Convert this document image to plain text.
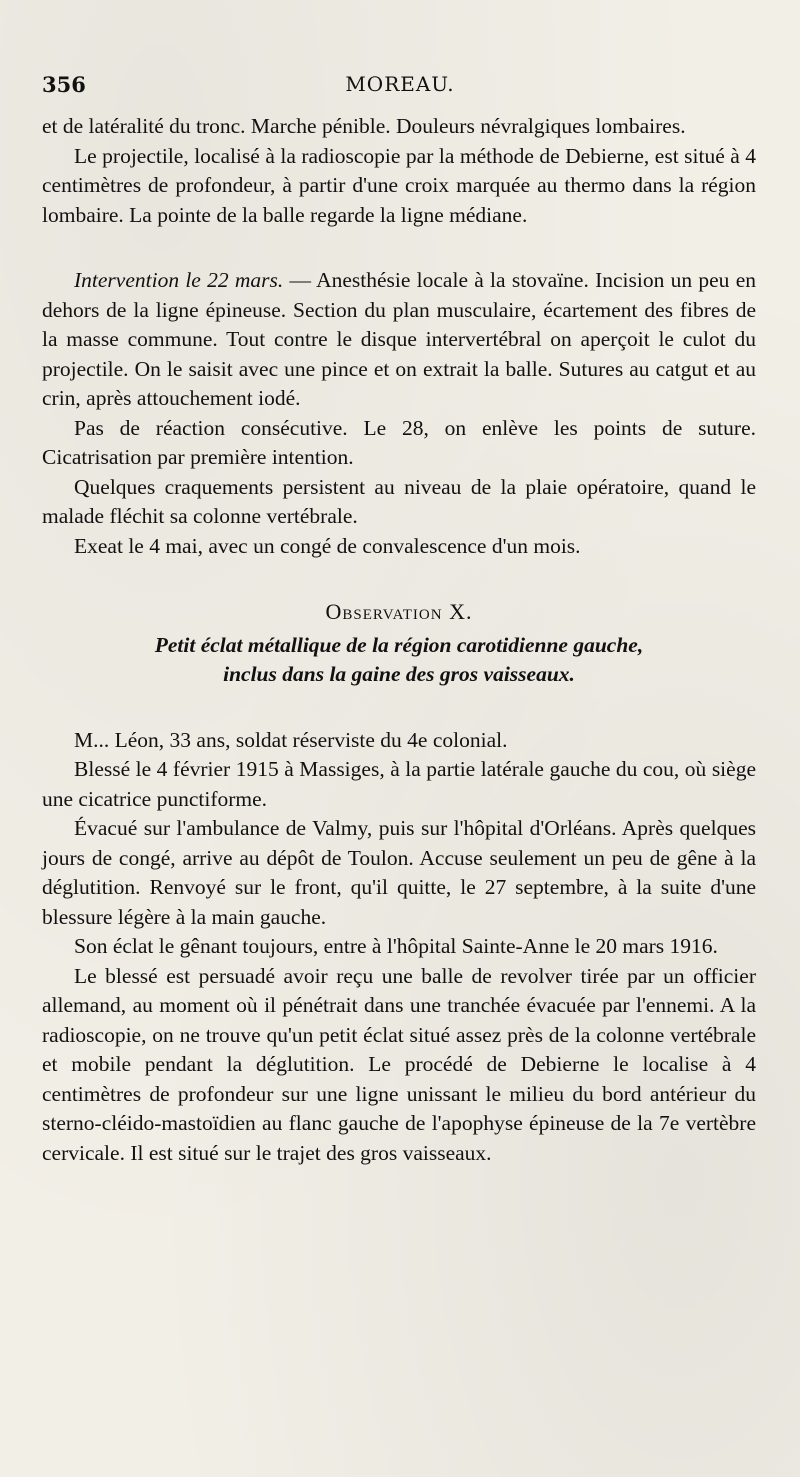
356	MOREAU.

et de latéralité du tronc. Marche pénible. Douleurs névralgiques lombaires.

Le projectile, localisé à la radioscopie par la méthode de Debierne, est situé à 4 centimètres de profondeur, à partir d'une croix marquée au thermo dans la région lombaire. La pointe de la balle regarde la ligne médiane.

Intervention le 22 mars. — Anesthésie locale à la stovaïne. Incision un peu en dehors de la ligne épineuse. Section du plan musculaire, écartement des fibres de la masse commune. Tout contre le disque intervertébral on aperçoit le culot du projectile. On le saisit avec une pince et on extrait la balle. Sutures au catgut et au crin, après attouchement iodé.

Pas de réaction consécutive. Le 28, on enlève les points de suture. Cicatrisation par première intention.

Quelques craquements persistent au niveau de la plaie opératoire, quand le malade fléchit sa colonne vertébrale.

Exeat le 4 mai, avec un congé de convalescence d'un mois.

Observation X.

Petit éclat métallique de la région carotidienne gauche,
inclus dans la gaine des gros vaisseaux.

M... Léon, 33 ans, soldat réserviste du 4e colonial.

Blessé le 4 février 1915 à Massiges, à la partie latérale gauche du cou, où siège une cicatrice punctiforme.

Évacué sur l'ambulance de Valmy, puis sur l'hôpital d'Orléans. Après quelques jours de congé, arrive au dépôt de Toulon. Accuse seulement un peu de gêne à la déglutition. Renvoyé sur le front, qu'il quitte, le 27 septembre, à la suite d'une blessure légère à la main gauche.

Son éclat le gênant toujours, entre à l'hôpital Sainte-Anne le 20 mars 1916.

Le blessé est persuadé avoir reçu une balle de revolver tirée par un officier allemand, au moment où il pénétrait dans une tranchée évacuée par l'ennemi. A la radioscopie, on ne trouve qu'un petit éclat situé assez près de la colonne vertébrale et mobile pendant la déglutition. Le procédé de Debierne le localise à 4 centimètres de profondeur sur une ligne unissant le milieu du bord antérieur du sterno-cléido-mastoïdien au flanc gauche de l'apophyse épineuse de la 7e vertèbre cervicale. Il est situé sur le trajet des gros vaisseaux.
